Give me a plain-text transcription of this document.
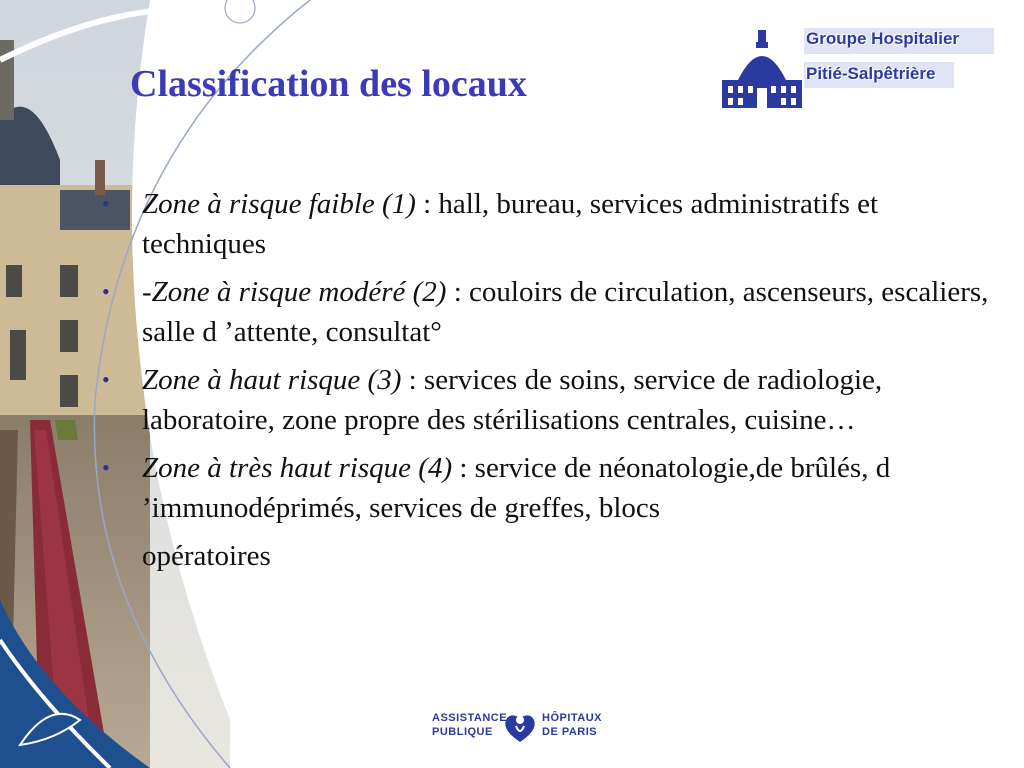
Classification des locaux
Groupe Hospitalier
Pitié-Salpêtrière
• Zone à risque faible (1) : hall, bureau, services administratifs et techniques
• -Zone à risque modéré (2) : couloirs de circulation, ascenseurs, escaliers, salle d ’attente, consultat°
• Zone à haut risque (3) : services de soins, service de radiologie, laboratoire, zone propre des stérilisations centrales, cuisine…
• Zone à très haut risque (4) : service de néonatologie,de brûlés, d ’immunodéprimés, services de greffes, blocs
opératoires
ASSISTANCE
PUBLIQUE
HÔPITAUX
DE PARIS
